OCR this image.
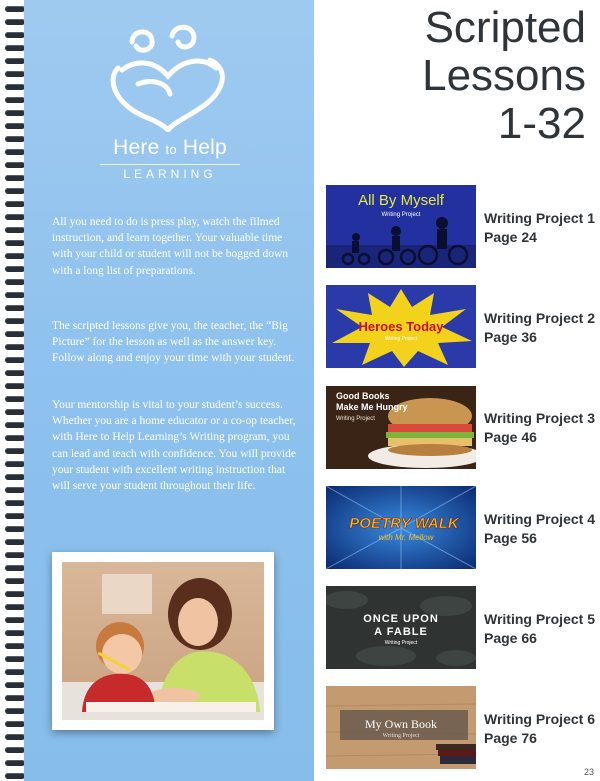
Here to Help
LEARNING

All you need to do is press play, watch the filmed instruction, and learn together. Your valuable time with your child or student will not be bogged down with a long list of preparations.

The scripted lessons give you, the teacher, the “Big Picture” for the lesson as well as the answer key. Follow along and enjoy your time with your student.

Your mentorship is vital to your student’s success. Whether you are a home educator or a co-op teacher, with Here to Help Learning’s Writing program, you can lead and teach with confidence. You will provide your student with excellent writing instruction that will serve your student throughout their life.

Scripted
Lessons
1-32
All By Myself
Writing Project	Writing Project 1
Page 24
Heroes Today
Writing Project
Writing Project 2
Page 36
Good Books
Make Me Hungry
Writing Project	Writing Project 3
Page 46
POETRY WALK
with Mr. Mellow
Writing Project 4
Page 56
ONCE UPON
A FABLE
Writing Project
Writing Project 5
Page 66
My Own Book
Writing Project
Writing Project 6
Page 76
23
